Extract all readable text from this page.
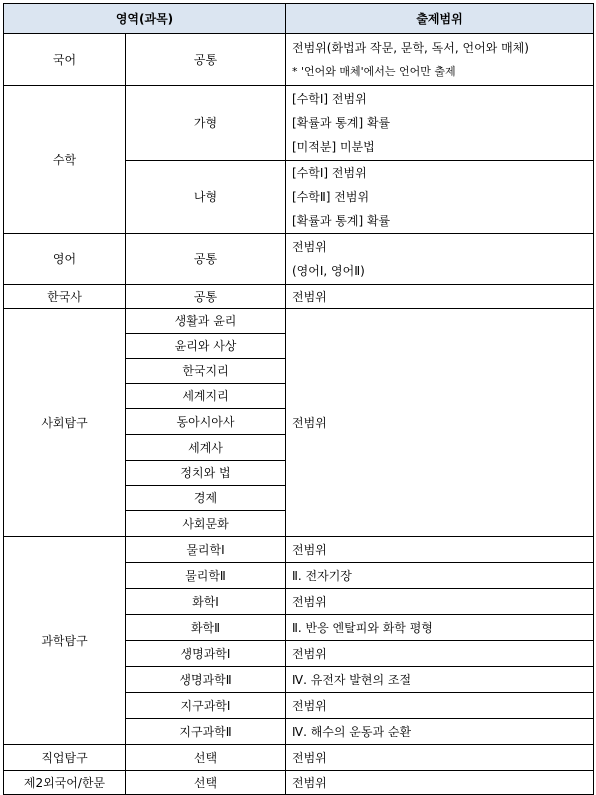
영역(과목)		출제범위
국어	공통	전범위(화법과 작문, 문학, 독서, 언어와 매체)
* '언어와 매체'에서는 언어만 출제

수학	가형	[수학Ⅰ] 전범위
[확률과 통계] 확률
[미적분] 미분법

	나형	[수학Ⅰ] 전범위
[수학Ⅱ] 전범위
[확률과 통계] 확률

영어	공통	전범위
(영어Ⅰ, 영어Ⅱ)

한국사	공통	전범위
사회탐구	생활과 윤리	전범위
	윤리와 사상	
	한국지리	
	세계지리	
	동아시아사	
	세계사	
	정치와 법	
	경제	
	사회문화	
과학탐구	물리학Ⅰ	전범위
	물리학Ⅱ	Ⅱ. 전자기장
	화학Ⅰ	전범위
	화학Ⅱ	Ⅱ. 반응 엔탈피와 화학 평형
	생명과학Ⅰ	전범위
	생명과학Ⅱ	Ⅳ. 유전자 발현의 조절
	지구과학Ⅰ	전범위
	지구과학Ⅱ	Ⅳ. 해수의 운동과 순환
직업탐구	선택	전범위
제2외국어/한문	선택	전범위
